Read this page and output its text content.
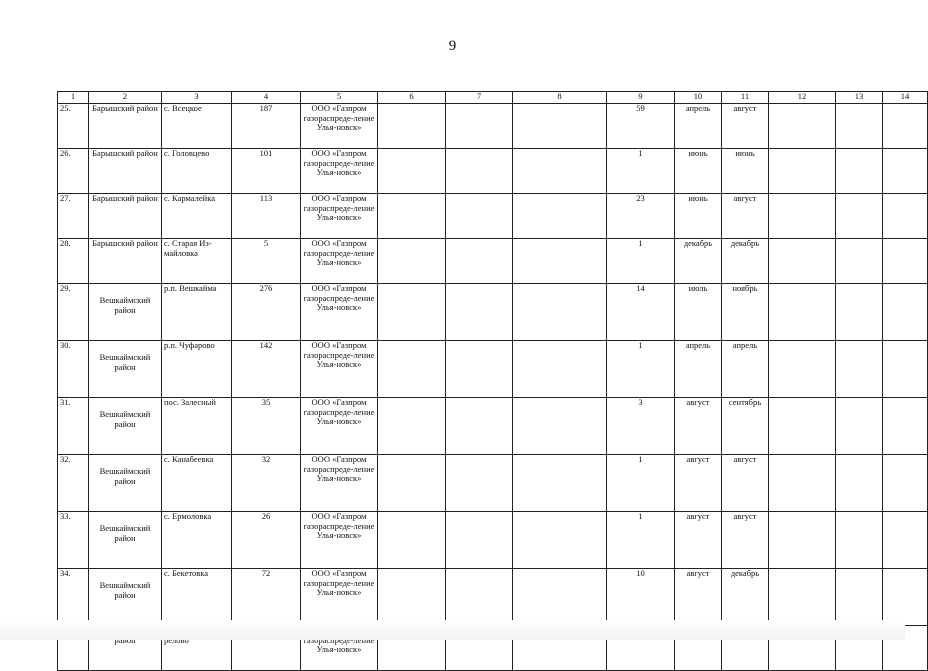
9
1	2	3	4	5	6	7	8	9	10	11	12	13	14
25.	Барышский район	с. Всецкое	187	ООО «Газпром газораспреде-ление Улья-новск»				59	апрель	август			
26.	Барышский район	с. Головцево	101	ООО «Газпром газораспреде-ление Улья-новск»				1	июнь	июнь			
27.	Барышский район	с. Кармалейка	113	ООО «Газпром газораспреде-ление Улья-новск»				23	июнь	август			
28.	Барышский район	с. Старая Из-майловка	5	ООО «Газпром газораспреде-ление Улья-новск»				1	декабрь	декабрь			
29.	Вешкаймский район	р.п. Вешкайма	276	ООО «Газпром газораспреде-ление Улья-новск»				14	июль	ноябрь			
30.	Вешкаймский район	р.п. Чуфарово	142	ООО «Газпром газораспреде-ление Улья-новск»				1	апрель	апрель			
31.	Вешкаймский район	пос. Залесный	35	ООО «Газпром газораспреде-ление Улья-новск»				3	август	сентябрь			
32.	Вешкаймский район	с. Канабеевка	32	ООО «Газпром газораспреде-ление Улья-новск»				1	август	август			
33.	Вешкаймский район	с. Ермоловка	26	ООО «Газпром газораспреде-ление Улья-новск»				1	август	август			
34.	Вешкаймский район	с. Бекетовка	72	ООО «Газпром газораспреде-ление Улья-новск»				10	август	декабрь			
				Улья-новск»									
